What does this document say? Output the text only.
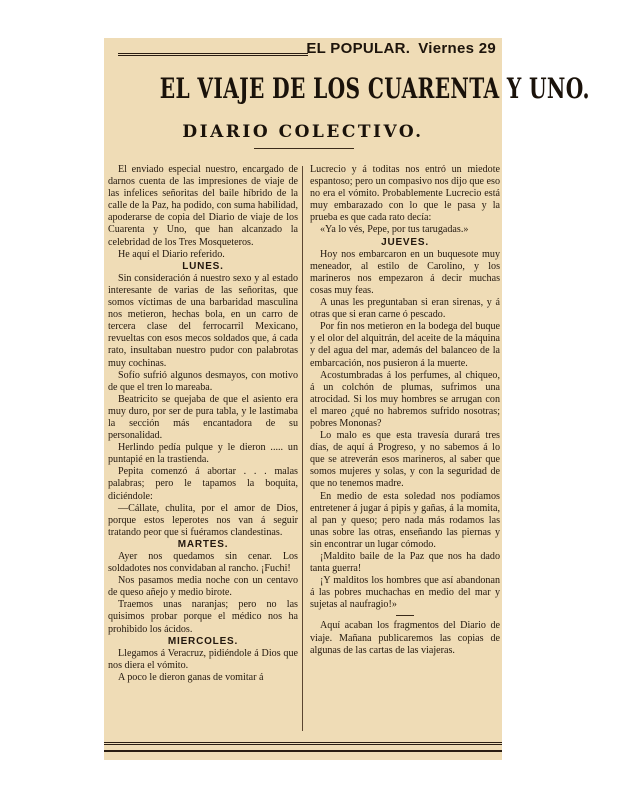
EL POPULAR. Viernes 29
EL VIAJE DE LOS CUARENTA Y UNO.
DIARIO COLECTIVO.

El enviado especial nuestro, encargado de darnos cuenta de las impresiones de viaje de las infelices señoritas del baile híbrido de la calle de la Paz, ha podido, con suma habilidad, apoderarse de copia del Diario de viaje de los Cuarenta y Uno, que han alcanzado la celebridad de los Tres Mosqueteros.

He aquí el Diario referido.

LUNES.

Sin consideración á nuestro sexo y al estado interesante de varias de las señoritas, que somos víctimas de una barbaridad masculina nos metieron, hechas bola, en un carro de tercera clase del ferrocarril Mexicano, revueltas con esos mecos soldados que, á cada rato, insultaban nuestro pudor con palabrotas muy cochinas.

Sofío sufrió algunos desmayos, con motivo de que el tren lo mareaba.

Beatricito se quejaba de que el asiento era muy duro, por ser de pura tabla, y le lastimaba la sección más encantadora de su personalidad.

Herlindo pedía pulque y le dieron ..... un puntapié en la trastienda.

Pepita comenzó á abortar . . . malas palabras; pero le tapamos la boquita, diciéndole:

—Cállate, chulita, por el amor de Dios, porque estos leperotes nos van á seguir tratando peor que si fuéramos clandestinas.

MARTES.

Ayer nos quedamos sin cenar. Los soldadotes nos convidaban al rancho. ¡Fuchi!

Nos pasamos media noche con un centavo de queso añejo y medio birote.

Traemos unas naranjas; pero no las quisimos probar porque el médico nos ha prohibido los ácidos.

MIERCOLES.

Llegamos á Veracruz, pidiéndole á Dios que nos diera el vómito.

A poco le dieron ganas de vomitar á

Lucrecio y á toditas nos entró un miedote espantoso; pero un compasivo nos dijo que eso no era el vómito. Probablemente Lucrecio está muy embarazado con lo que le pasa y la prueba es que cada rato decía:

«Ya lo vés, Pepe, por tus tarugadas.»

JUEVES.

Hoy nos embarcaron en un buquesote muy meneador, al estilo de Carolino, y los marineros nos empezaron á decir muchas cosas muy feas.

A unas les preguntaban si eran sirenas, y á otras que si eran carne ó pescado.

Por fin nos metieron en la bodega del buque y el olor del alquitrán, del aceite de la máquina y del agua del mar, además del balanceo de la embarcación, nos pusieron á la muerte.

Acostumbradas á los perfumes, al chiqueo, á un colchón de plumas, sufrimos una atrocidad. Si los muy hombres se arrugan con el mareo ¿qué no habremos sufrido nosotras; pobres Mononas?

Lo malo es que esta travesía durará tres días, de aquí á Progreso, y no sabemos á lo que se atreverán esos marineros, al saber que somos mujeres y solas, y con la seguridad de que no tenemos madre.

En medio de esta soledad nos podíamos entretener á jugar á pipis y gañas, á la momita, al pan y queso; pero nada más rodamos las unas sobre las otras, enseñando las piernas y sin encontrar un lugar cómodo.

¡Maldito baile de la Paz que nos ha dado tanta guerra!

¡Y malditos los hombres que así abandonan á las pobres muchachas en medio del mar y sujetas al naufragio!»

Aquí acaban los fragmentos del Diario de viaje. Mañana publicaremos las copias de algunas de las cartas de las viajeras.
